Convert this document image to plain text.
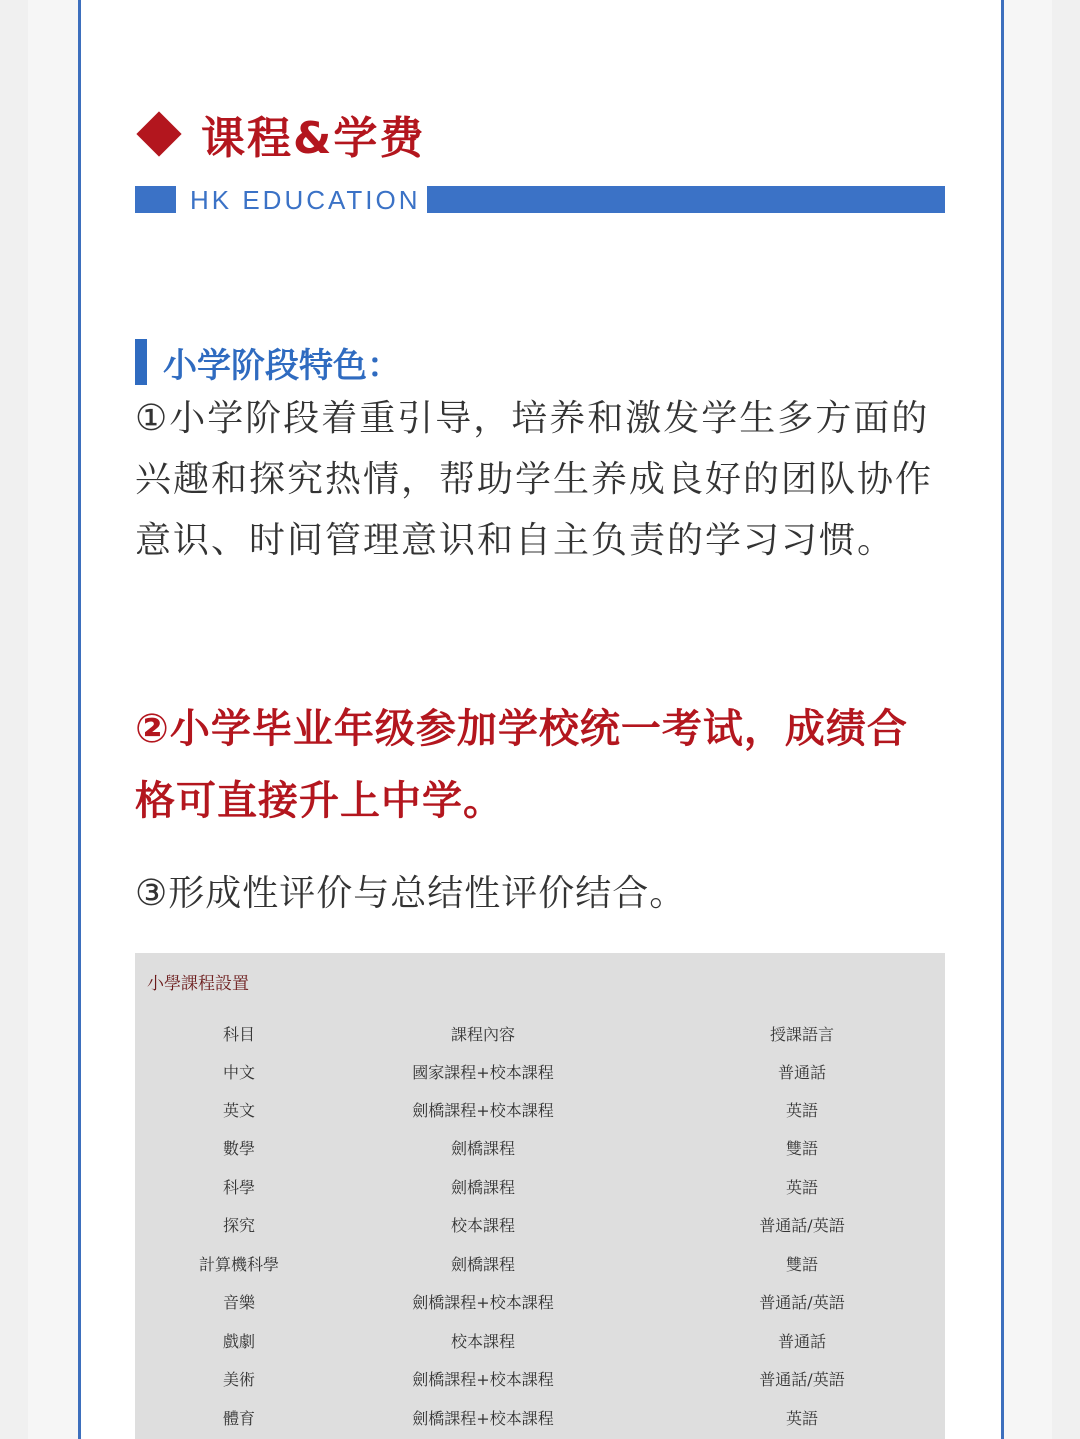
课程&学费
HK EDUCATION
小学阶段特色：

①小学阶段着重引导，培养和激发学生多方面的兴趣和探究热情，帮助学生养成良好的团队协作意识、时间管理意识和自主负责的学习习惯。

②小学毕业年级参加学校统一考试，成绩合格可直接升上中学。

③形成性评价与总结性评价结合。

小學課程設置
科目	課程內容	授課語言
中文	國家課程+校本課程	普通話
英文	劍橋課程+校本課程	英語
數學	劍橋課程	雙語
科學	劍橋課程	英語
探究	校本課程	普通話/英語
計算機科學	劍橋課程	雙語
音樂	劍橋課程+校本課程	普通話/英語
戲劇	校本課程	普通話
美術	劍橋課程+校本課程	普通話/英語
體育	劍橋課程+校本課程	英語
